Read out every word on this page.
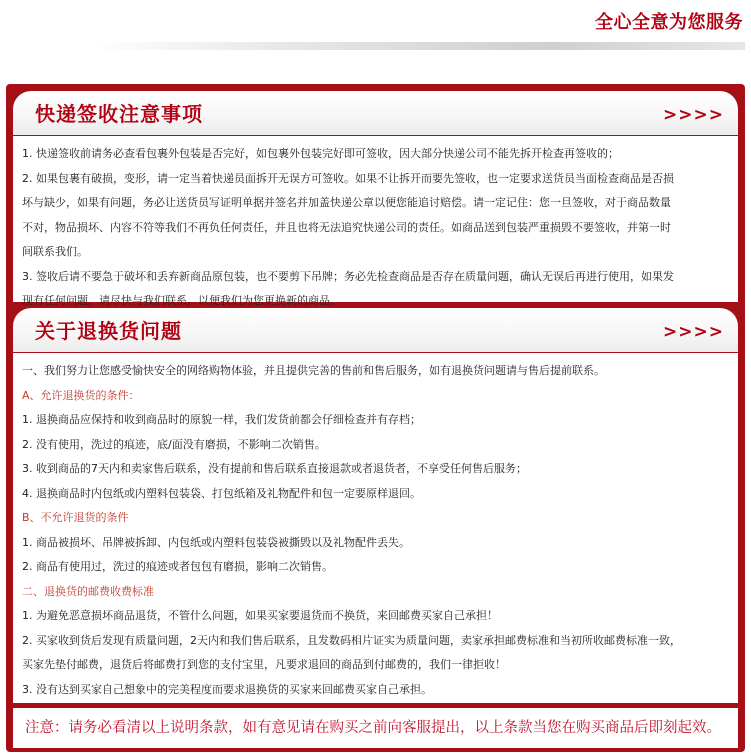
全心全意为您服务
快递签收注意事项	>>>>
1. 快递签收前请务必查看包裹外包装是否完好，如包裹外包装完好即可签收，因大部分快递公司不能先拆开检查再签收的；
2. 如果包裹有破损，变形，请一定当着快递员面拆开无误方可签收。如果不让拆开而要先签收，也一定要求送货员当面检查商品是否损
坏与缺少，如果有问题，务必让送货员写证明单据并签名并加盖快递公章以便您能追讨赔偿。请一定记住：您一旦签收，对于商品数量
不对，物品损坏、内容不符等我们不再负任何责任，并且也将无法追究快递公司的责任。如商品送到包装严重损毁不要签收，并第一时
间联系我们。
3. 签收后请不要急于破坏和丢弃新商品原包装，也不要剪下吊牌；务必先检查商品是否存在质量问题，确认无误后再进行使用，如果发
现有任何问题，请尽快与我们联系，以便我们为您更换新的商品。
关于退换货问题	>>>>
一、我们努力让您感受愉快安全的网络购物体验，并且提供完善的售前和售后服务，如有退换货问题请与售后提前联系。
A、允许退换货的条件：
1. 退换商品应保持和收到商品时的原貌一样，我们发货前都会仔细检查并有存档；
2. 没有使用，洗过的痕迹，底/面没有磨损，不影响二次销售。
3. 收到商品的7天内和卖家售后联系，没有提前和售后联系直接退款或者退货者，不享受任何售后服务；
4. 退换商品时内包纸或内塑料包装袋、打包纸箱及礼物配件和包一定要原样退回。
B、不允许退货的条件
1. 商品被损坏、吊牌被拆卸、内包纸或内塑料包装袋被撕毁以及礼物配件丢失。
2. 商品有使用过，洗过的痕迹或者包包有磨损，影响二次销售。
二、退换货的邮费收费标准
1. 为避免恶意损坏商品退货，不管什么问题，如果买家要退货而不换货，来回邮费买家自己承担！
2. 买家收到货后发现有质量问题，2天内和我们售后联系，且发数码相片证实为质量问题，卖家承担邮费标准和当初所收邮费标准一致，
买家先垫付邮费，退货后将邮费打到您的支付宝里，凡要求退回的商品到付邮费的，我们一律拒收！
3. 没有达到买家自己想象中的完美程度而要求退换货的买家来回邮费买家自己承担。
注意：请务必看清以上说明条款，如有意见请在购买之前向客服提出，以上条款当您在购买商品后即刻起效。
